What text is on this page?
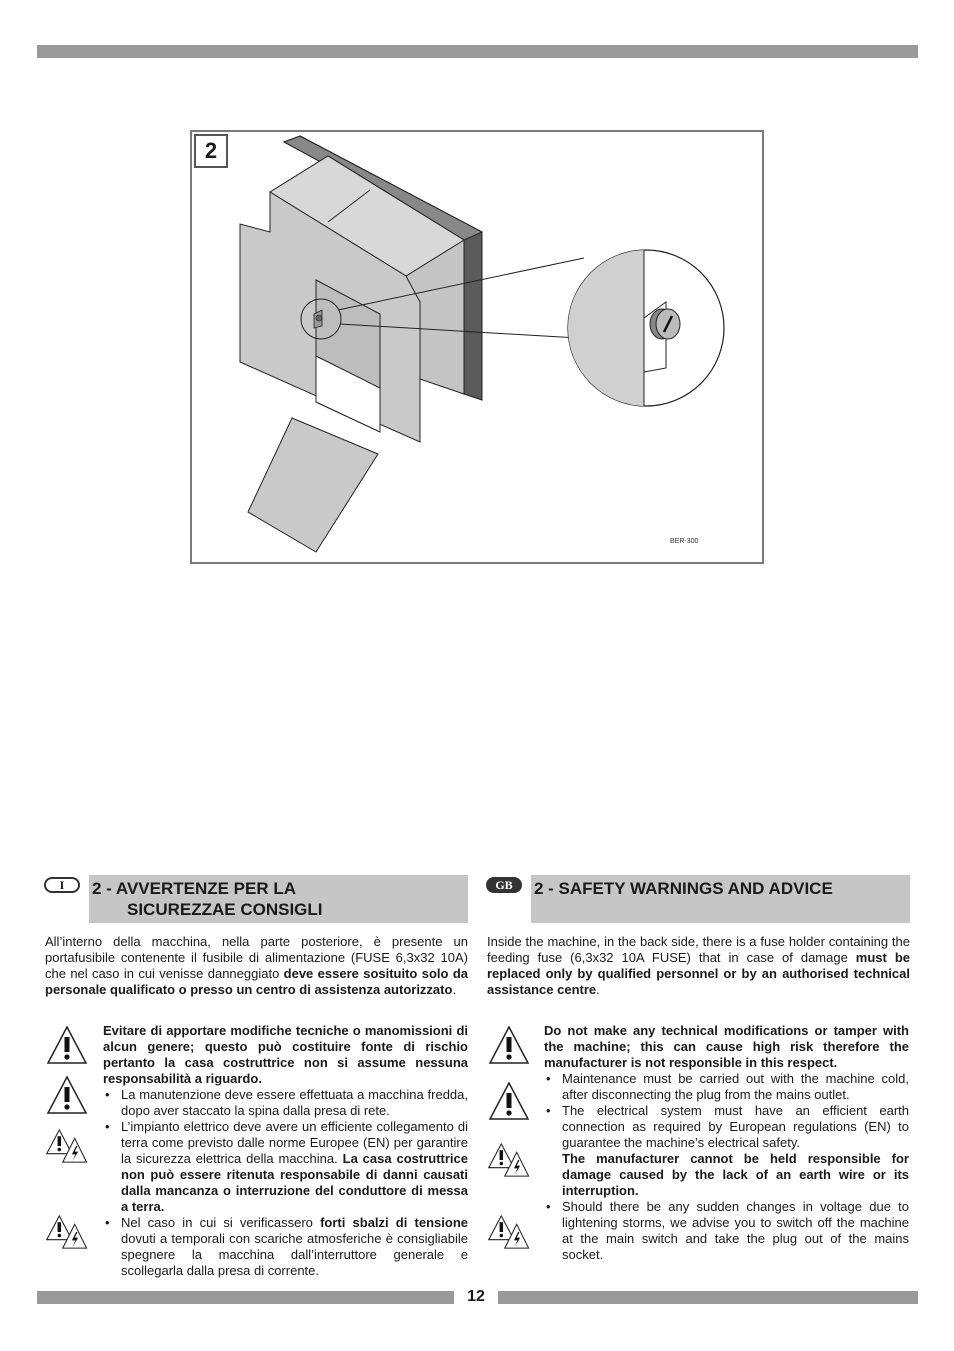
2
BER-300
I	2 - AVVERTENZE PER LA
SICUREZZAE CONSIGLI
All’interno della macchina, nella parte posteriore, è presente un portafusibile contenente il fusibile di alimentazione (FUSE 6,3x32 10A) che nel caso in cui venisse danneggiato deve essere sosituito solo da personale qualificato o presso un centro di assistenza autorizzato.

Evitare di apportare modifiche tecniche o manomissioni di alcun genere; questo può costituire fonte di rischio pertanto la casa costruttrice non si assume nessuna responsabilità a riguardo.

• La manutenzione deve essere effettuata a macchina fredda, dopo aver staccato la spina dalla presa di rete.
• L’impianto elettrico deve avere un efficiente collegamento di terra come previsto dalle norme Europee (EN) per garantire la sicurezza elettrica della macchina. La casa costruttrice non può essere ritenuta responsabile di danni causati dalla mancanza o interruzione del conduttore di messa a terra.
• Nel caso in cui si verificassero forti sbalzi di tensione dovuti a temporali con scariche atmosferiche è consigliabile spegnere la macchina dall’interruttore generale e scollegarla dalla presa di corrente.
GB	2 - SAFETY WARNINGS AND ADVICE
Inside the machine, in the back side, there is a fuse holder containing the feeding fuse (6,3x32 10A FUSE) that in case of damage must be replaced only by qualified personnel or by an authorised technical assistance centre.

Do not make any technical modifications or tamper with the machine; this can cause high risk therefore the manufacturer is not responsible in this respect.

• Maintenance must be carried out with the machine cold, after disconnecting the plug from the mains outlet.
• The electrical system must have an efficient earth connection as required by European regulations (EN) to guarantee the machine’s electrical safety.
The manufacturer cannot be held responsible for damage caused by the lack of an earth wire or its interruption.
• Should there be any sudden changes in voltage due to lightening storms, we advise you to switch off the machine at the main switch and take the plug out of the mains socket.
12
